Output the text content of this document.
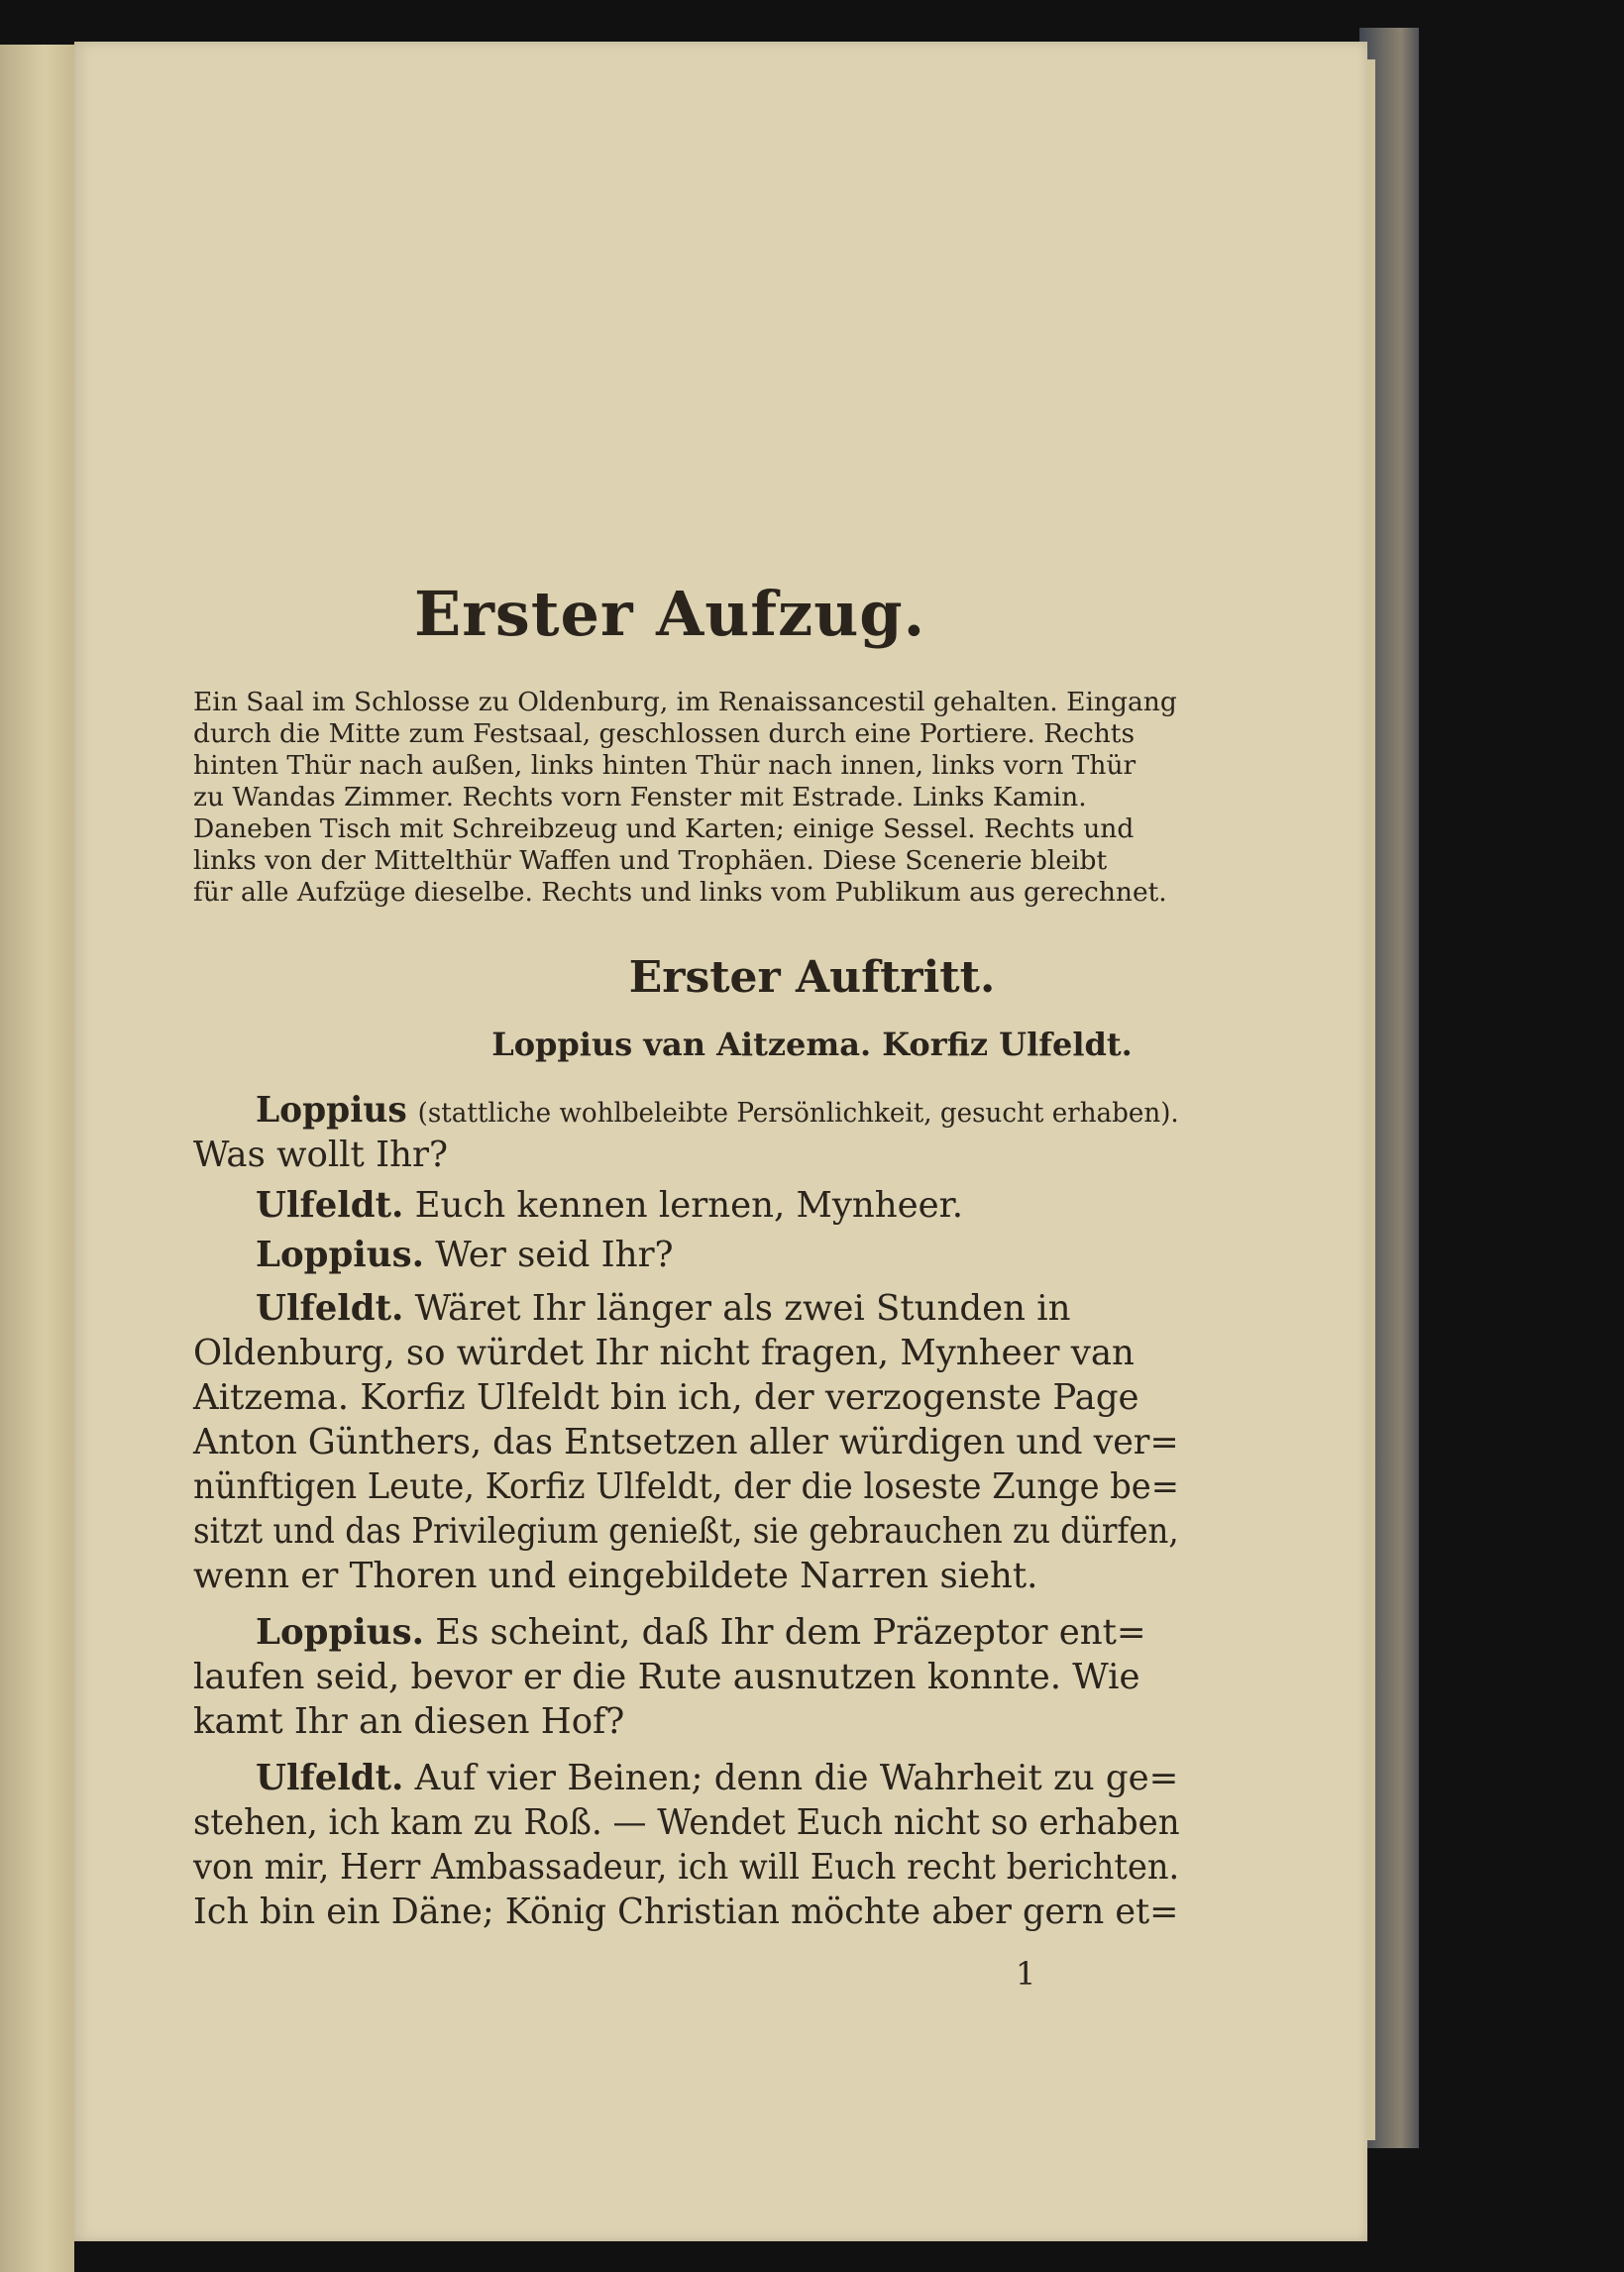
Erster Aufzug.
Ein Saal im Schlosse zu Oldenburg, im Renaissancestil gehalten. Eingang
durch die Mitte zum Festsaal, geschlossen durch eine Portiere. Rechts
hinten Thür nach außen, links hinten Thür nach innen, links vorn Thür
zu Wandas Zimmer. Rechts vorn Fenster mit Estrade. Links Kamin.
Daneben Tisch mit Schreibzeug und Karten; einige Sessel. Rechts und
links von der Mittelthür Waffen und Trophäen. Diese Scenerie bleibt
für alle Aufzüge dieselbe. Rechts und links vom Publikum aus gerechnet.
Erster Auftritt.
Loppius van Aitzema. Korfiz Ulfeldt.
Loppius (stattliche wohlbeleibte Persönlichkeit, gesucht erhaben).
Was wollt Ihr?
Ulfeldt. Euch kennen lernen, Mynheer.
Loppius. Wer seid Ihr?
Ulfeldt. Wäret Ihr länger als zwei Stunden in
Oldenburg, so würdet Ihr nicht fragen, Mynheer van
Aitzema. Korfiz Ulfeldt bin ich, der verzogenste Page
Anton Günthers, das Entsetzen aller würdigen und ver=
nünftigen Leute, Korfiz Ulfeldt, der die loseste Zunge be=
sitzt und das Privilegium genießt, sie gebrauchen zu dürfen,
wenn er Thoren und eingebildete Narren sieht.
Loppius. Es scheint, daß Ihr dem Präzeptor ent=
laufen seid, bevor er die Rute ausnutzen konnte. Wie
kamt Ihr an diesen Hof?
Ulfeldt. Auf vier Beinen; denn die Wahrheit zu ge=
stehen, ich kam zu Roß. — Wendet Euch nicht so erhaben
von mir, Herr Ambassadeur, ich will Euch recht berichten.
Ich bin ein Däne; König Christian möchte aber gern et=
1
